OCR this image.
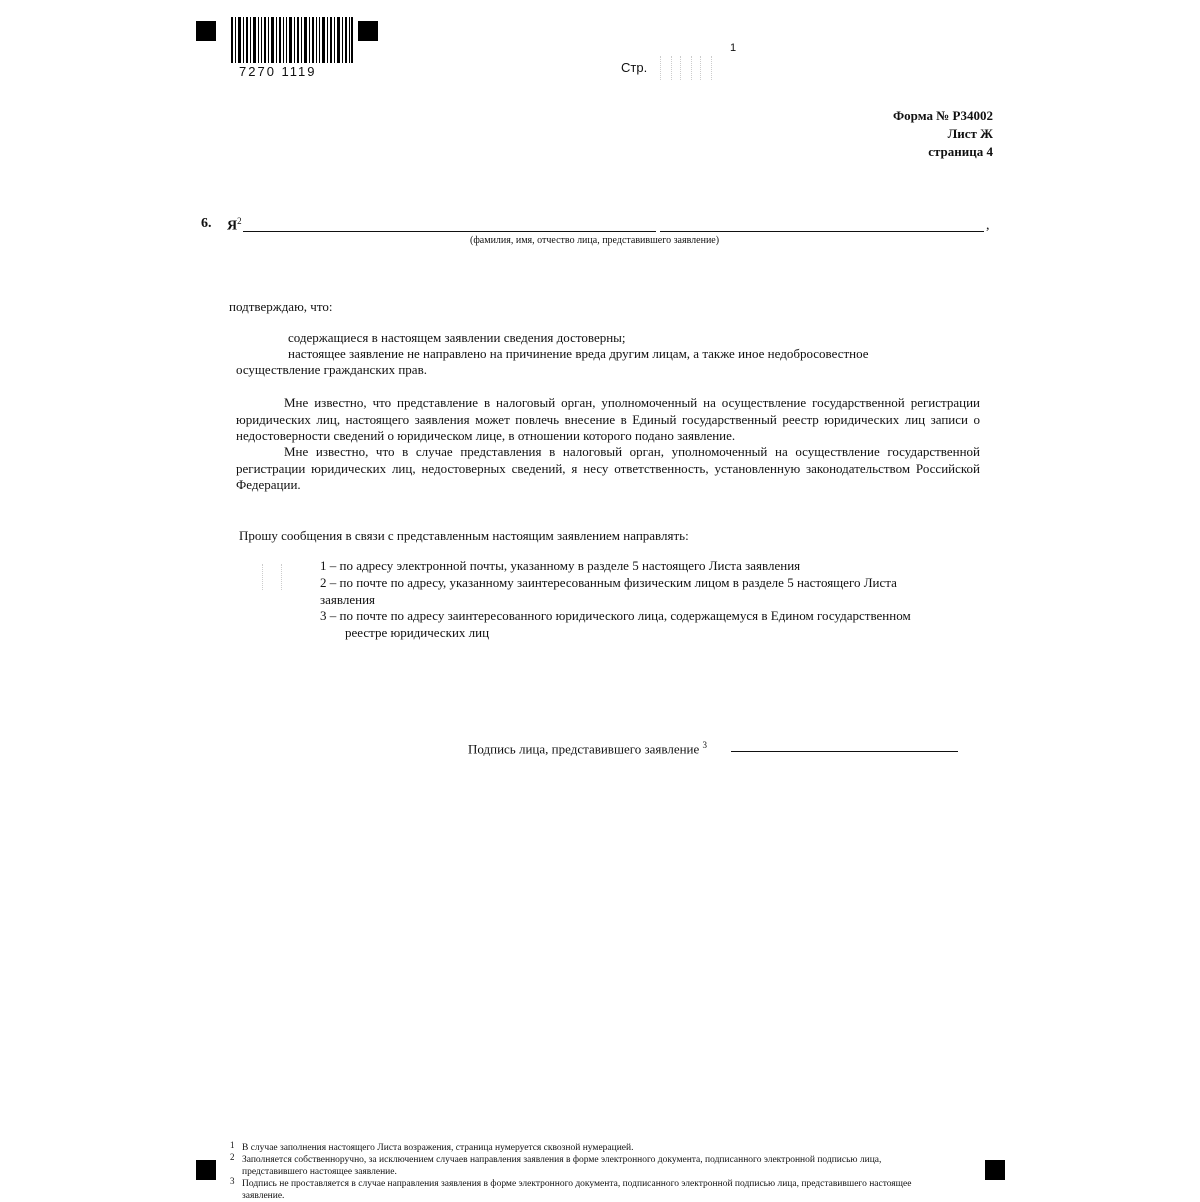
7270 1119	Стр.
1
Форма № Р34002
Лист Ж
страница 4
6. $Я^2$	,
(фамилия, имя, отчество лица, представившего заявление)
подтверждаю, что:
содержащиеся в настоящем заявлении сведения достоверны;
настоящее заявление не направлено на причинение вреда другим лицам, а также иное недобросовестное
осуществление гражданских прав.
Мне известно, что представление в налоговый орган, уполномоченный на осуществление государственной регистрации юридических лиц, настоящего заявления может повлечь внесение в Единый государственный реестр юридических лиц записи о недостоверности сведений о юридическом лице, в отношении которого подано заявление.
Мне известно, что в случае представления в налоговый орган, уполномоченный на осуществление государственной регистрации юридических лиц, недостоверных сведений, я несу ответственность, установленную законодательством Российской Федерации.
Прошу сообщения в связи с представленным настоящим заявлением направлять:
1 – по адресу электронной почты, указанному в разделе 5 настоящего Листа заявления
2 – по почте по адресу, указанному заинтересованным физическим лицом в разделе 5 настоящего Листа
заявления
3 – по почте по адресу заинтересованного юридического лица, содержащемуся в Едином государственном
реестре юридических лиц
Подпись лица, представившего заявление $^3$
1 В случае заполнения настоящего Листа возражения, страница нумеруется сквозной нумерацией.
2 Заполняется собственноручно, за исключением случаев направления заявления в форме электронного документа, подписанного электронной подписью лица, представившего настоящее заявление.
3 Подпись не проставляется в случае направления заявления в форме электронного документа, подписанного электронной подписью лица, представившего настоящее заявление.
